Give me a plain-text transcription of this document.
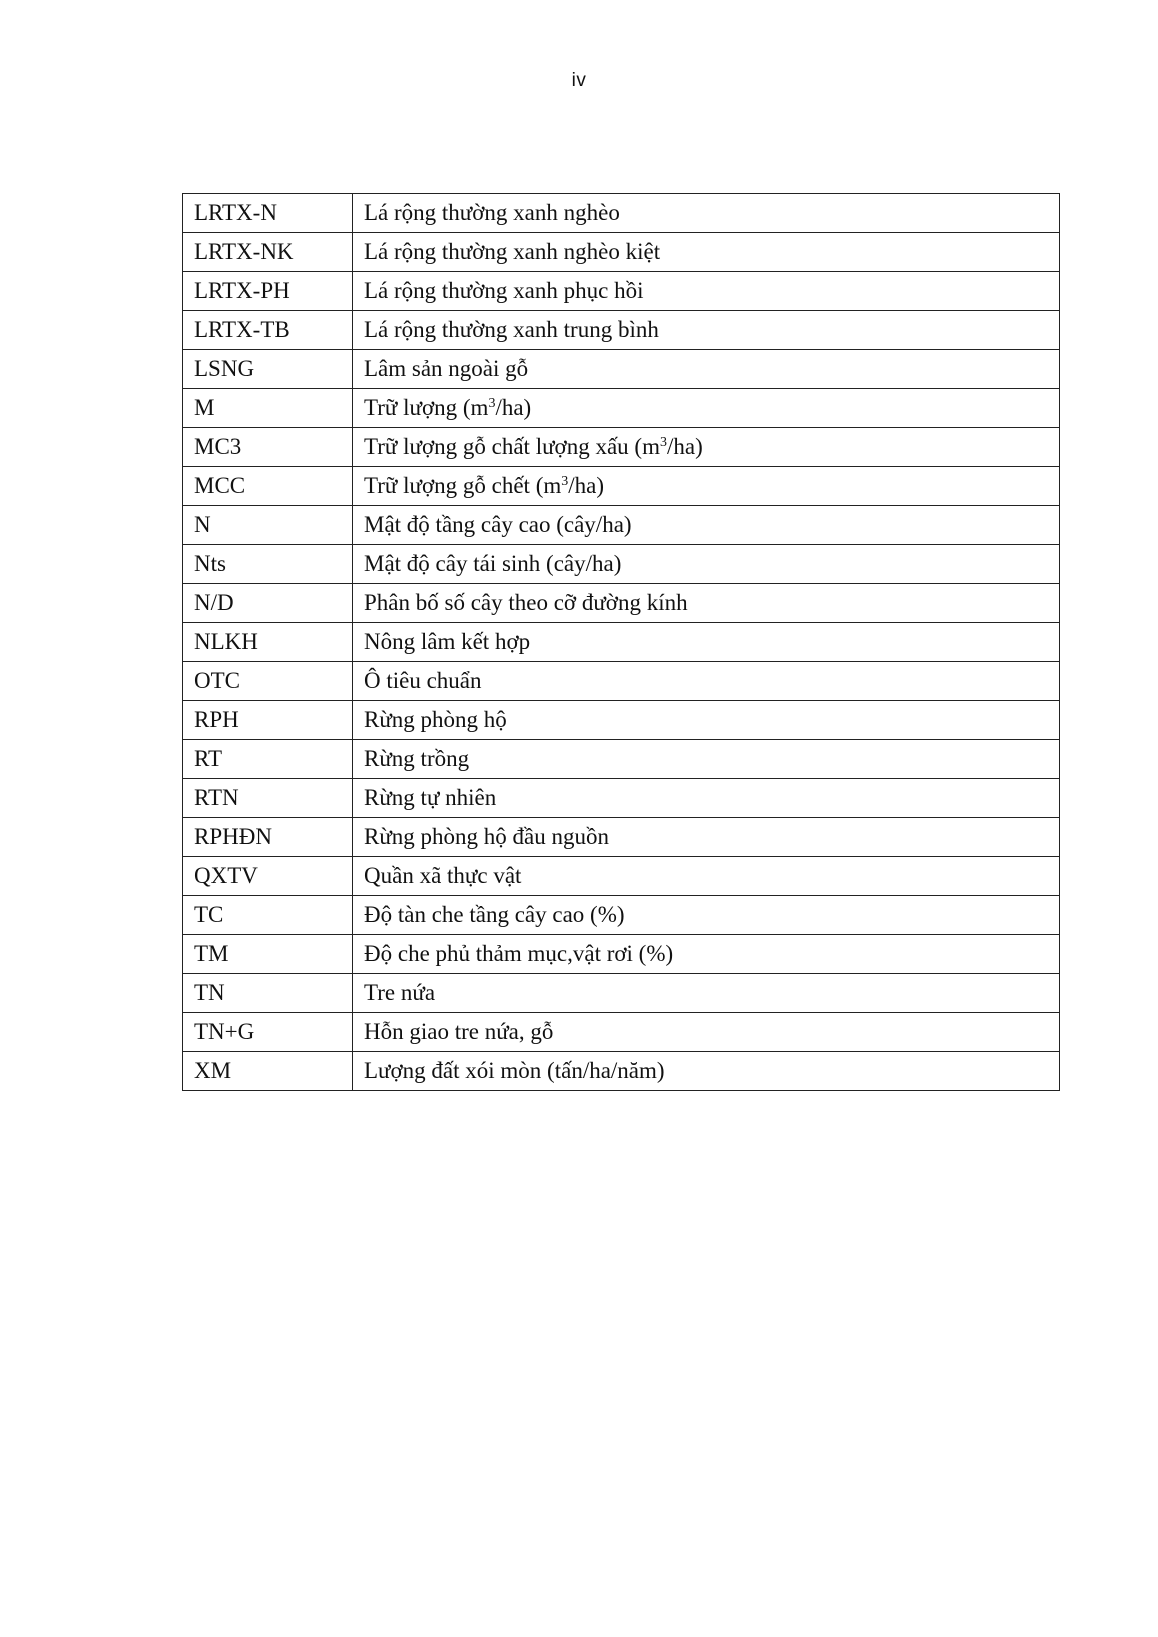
iv
LRTX-N	Lá rộng thường xanh nghèo
LRTX-NK	Lá rộng thường xanh nghèo kiệt
LRTX-PH	Lá rộng thường xanh phục hồi
LRTX-TB	Lá rộng thường xanh trung bình
LSNG	Lâm sản ngoài gỗ
M	Trữ lượng $(m^3/ha)$
MC3	Trữ lượng gỗ chất lượng xấu $(m^3/ha)$
MCC	Trữ lượng gỗ chết $(m^3/ha)$
N	Mật độ tầng cây cao (cây/ha)
Nts	Mật độ cây tái sinh (cây/ha)
N/D	Phân bố số cây theo cỡ đường kính
NLKH	Nông lâm kết hợp
OTC	Ô tiêu chuẩn
RPH	Rừng phòng hộ
RT	Rừng trồng
RTN	Rừng tự nhiên
RPHĐN	Rừng phòng hộ đầu nguồn
QXTV	Quần xã thực vật
TC	Độ tàn che tầng cây cao (%)
TM	Độ che phủ thảm mục,vật rơi (%)
TN	Tre nứa
TN+G	Hỗn giao tre nứa, gỗ
XM	Lượng đất xói mòn (tấn/ha/năm)
